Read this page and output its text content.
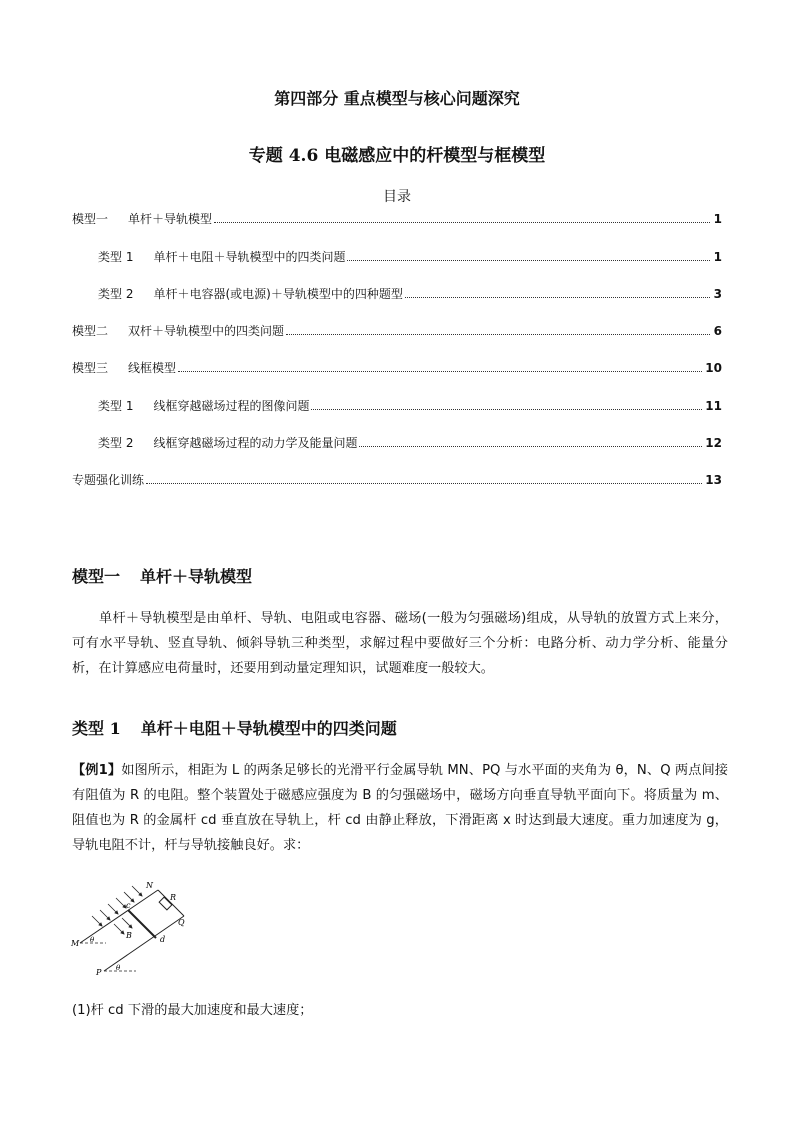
第四部分 重点模型与核心问题深究
专题 4.6 电磁感应中的杆模型与框模型
目录
模型一 单杆＋导轨模型	1
类型 1 单杆＋电阻＋导轨模型中的四类问题	1
类型 2 单杆＋电容器(或电源)＋导轨模型中的四种题型	3
模型二 双杆＋导轨模型中的四类问题	6
模型三 线框模型	10
类型 1 线框穿越磁场过程的图像问题	11
类型 2 线框穿越磁场过程的动力学及能量问题	12
专题强化训练	13
模型一 单杆＋导轨模型
单杆＋导轨模型是由单杆、导轨、电阻或电容器、磁场(一般为匀强磁场)组成，从导轨的放置方式上来分，可有水平导轨、竖直导轨、倾斜导轨三种类型，求解过程中要做好三个分析：电路分析、动力学分析、能量分析，在计算感应电荷量时，还要用到动量定理知识，试题难度一般较大。
类型 1 单杆＋电阻＋导轨模型中的四类问题
【例1】如图所示，相距为 L 的两条足够长的光滑平行金属导轨 MN、PQ 与水平面的夹角为 θ，N、Q 两点间接有阻值为 R 的电阻。整个装置处于磁感应强度为 B 的匀强磁场中，磁场方向垂直导轨平面向下。将质量为 m、阻值也为 R 的金属杆 cd 垂直放在导轨上，杆 cd 由静止释放，下滑距离 x 时达到最大速度。重力加速度为 g，导轨电阻不计，杆与导轨接触良好。求：
N
R
Q
c
d
B
M
P
θ
θ
(1)杆 cd 下滑的最大加速度和最大速度；
